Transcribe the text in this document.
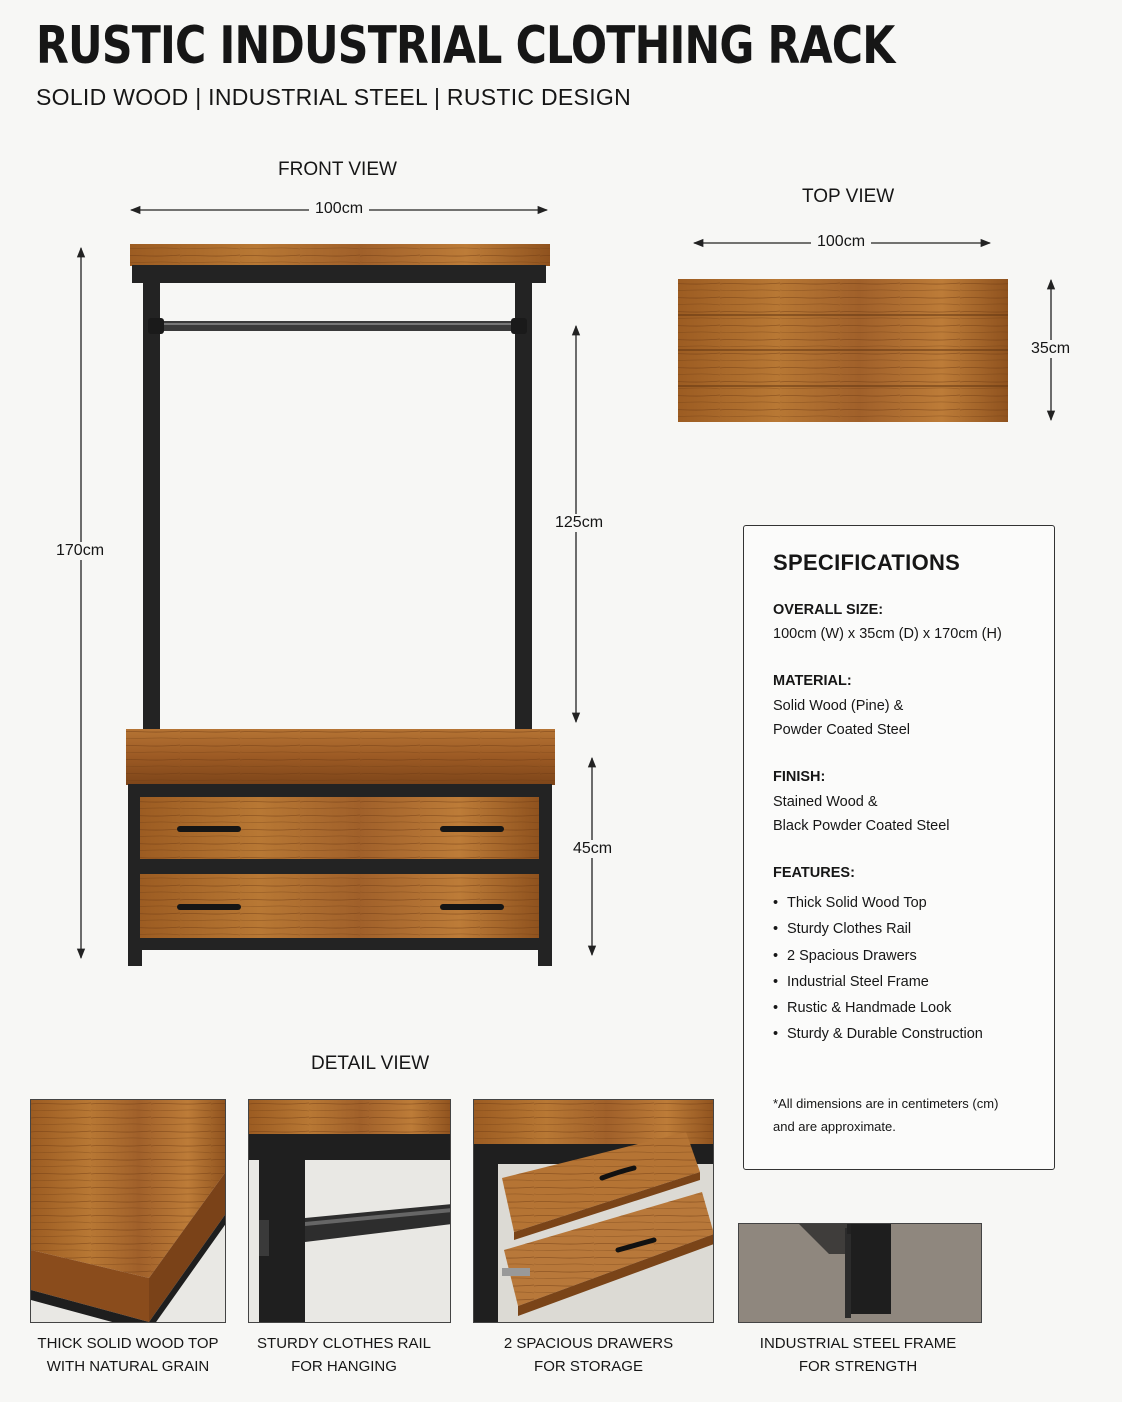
RUSTIC INDUSTRIAL CLOTHING RACK
SOLID WOOD | INDUSTRIAL STEEL | RUSTIC DESIGN
FRONT VIEW
100cm
170cm
125cm
45cm
TOP VIEW
100cm
35cm
SPECIFICATIONS
OVERALL SIZE:
100cm (W) x 35cm (D) x 170cm (H)
MATERIAL:
Solid Wood (Pine) &
Powder Coated Steel
FINISH:
Stained Wood &
Black Powder Coated Steel
FEATURES:
• Thick Solid Wood Top
• Sturdy Clothes Rail
• 2 Spacious Drawers
• Industrial Steel Frame
• Rustic & Handmade Look
• Sturdy & Durable Construction
*All dimensions are in centimeters (cm)
and are approximate.
DETAIL VIEW
THICK SOLID WOOD TOP
WITH NATURAL GRAIN
STURDY CLOTHES RAIL
FOR HANGING
2 SPACIOUS DRAWERS
FOR STORAGE
INDUSTRIAL STEEL FRAME
FOR STRENGTH
